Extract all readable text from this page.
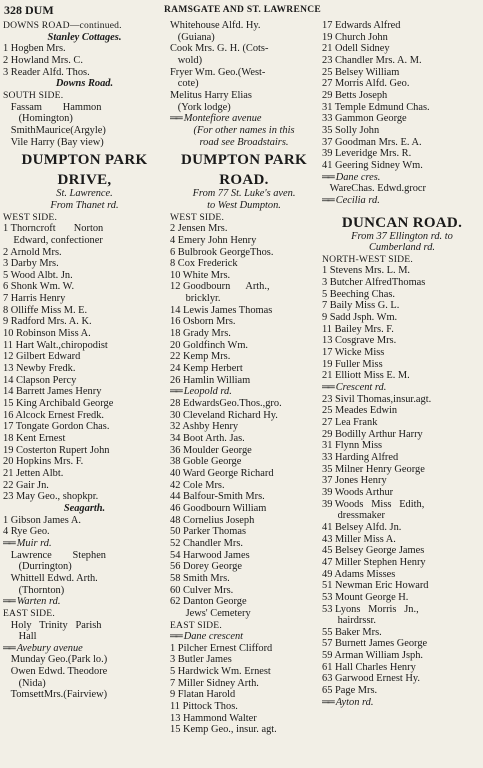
328 DUM	RAMSGATE AND ST. LAWRENCE
DOWNS ROAD—continued.
Stanley Cottages.
1 Hogben Mrs.
2 Howland Mrs. C.
3 Reader Alfd. Thos.
Downs Road.
SOUTH SIDE.
Fassam        Hammon
(Homington)
SmithMaurice(Argyle)
Vile Harry (Bay view)
DUMPTON PARK
DRIVE,
St. Lawrence.
From Thanet rd.
WEST SIDE.
1 Thorncroft       Norton
Edward, confectioner
2 Arnold Mrs.
3 Darby Mrs.
5 Wood Albt. Jn.
6 Shonk Wm. W.
7 Harris Henry
8 Olliffe Miss M. E.
9 Radford Mrs. A. K.
10 Robinson Miss A.
11 Hart Walt.,chiropodist
12 Gilbert Edward
13 Newby Fredk.
14 Clapson Percy
14 Barrett James Henry
15 King Archibald George
16 Alcock Ernest Fredk.
17 Tongate Gordon Chas.
18 Kent Ernest
19 Costerton Rupert John
20 Hopkins Mrs. F.
21 Jetten Albt.
22 Gair Jn.
23 May Geo., shopkpr.
Seagarth.
1 Gibson James A.
4 Rye Geo.
══ Muir rd.
Lawrence        Stephen
(Durrington)
Whittell Edwd. Arth.
(Thornton)
══ Warten rd.
EAST SIDE.
Holy   Trinity   Parish
Hall
══ Avebury avenue
Munday Geo.(Park lo.)
Owen Edwd. Theodore
(Nida)
TomsettMrs.(Fairview)
Whitehouse Alfd. Hy.
(Guiana)
Cook Mrs. G. H. (Cots-
wold)
Fryer Wm. Geo.(West-
cote)
Melitus Harry Elias
(York lodge)
══ Montefiore avenue
(For other names in this
road see Broadstairs.
DUMPTON PARK
ROAD.
From 77 St. Luke's aven.
to West Dumpton.
WEST SIDE.
2 Jensen Mrs.
4 Emery John Henry
6 Bulbrook GeorgeThos.
8 Cox Frederick
10 White Mrs.
12 Goodbourn      Arth.,
bricklyr.
14 Lewis James Thomas
16 Osborn Mrs.
18 Grady Mrs.
20 Goldfinch Wm.
22 Kemp Mrs.
24 Kemp Herbert
26 Hamlin William
══ Leopold rd.
28 EdwardsGeo.Thos.,gro.
30 Cleveland Richard Hy.
32 Ashby Henry
34 Boot Arth. Jas.
36 Moulder George
38 Goble George
40 Ward George Richard
42 Cole Mrs.
44 Balfour-Smith Mrs.
46 Goodbourn William
48 Cornelius Joseph
50 Parker Thomas
52 Chandler Mrs.
54 Harwood James
56 Dorey George
58 Smith Mrs.
60 Culver Mrs.
62 Danton George
Jews' Cemetery
EAST SIDE.
══ Dane crescent
1 Pilcher Ernest Clifford
3 Butler James
5 Hardwick Wm. Ernest
7 Miller Sidney Arth.
9 Flatan Harold
11 Pittock Thos.
13 Hammond Walter
15 Kemp Geo., insur. agt.
17 Edwards Alfred
19 Church John
21 Odell Sidney
23 Chandler Mrs. A. M.
25 Belsey William
27 Morris Alfd. Geo.
29 Betts Joseph
31 Temple Edmund Chas.
33 Gammon George
35 Solly John
37 Goodman Mrs. E. A.
39 Leveridge Mrs. R.
41 Geering Sidney Wm.
══ Dane cres.
WareChas. Edwd.grocr
══ Cecilia rd.
DUNCAN ROAD.
From 37 Ellington rd. to
Cumberland rd.
NORTH-WEST SIDE.
1 Stevens Mrs. L. M.
3 Butcher AlfredThomas
5 Beeching Chas.
7 Baily Miss G. L.
9 Sadd Jsph. Wm.
11 Bailey Mrs. F.
13 Cosgrave Mrs.
17 Wicke Miss
19 Fuller Miss
21 Elliott Miss E. M.
══ Crescent rd.
23 Sivil Thomas,insur.agt.
25 Meades Edwin
27 Lea Frank
29 Bodilly Arthur Harry
31 Flynn Miss
33 Harding Alfred
35 Milner Henry George
37 Jones Henry
39 Woods Arthur
39 Woods   Miss   Edith,
dressmaker
41 Belsey Alfd. Jn.
43 Miller Miss A.
45 Belsey George James
47 Miller Stephen Henry
49 Adams Misses
51 Newman Eric Howard
53 Mount George H.
53 Lyons   Morris   Jn.,
hairdrssr.
55 Baker Mrs.
57 Burnett James George
59 Arman William Jsph.
61 Hall Charles Henry
63 Garwood Ernest Hy.
65 Page Mrs.
══ Ayton rd.
